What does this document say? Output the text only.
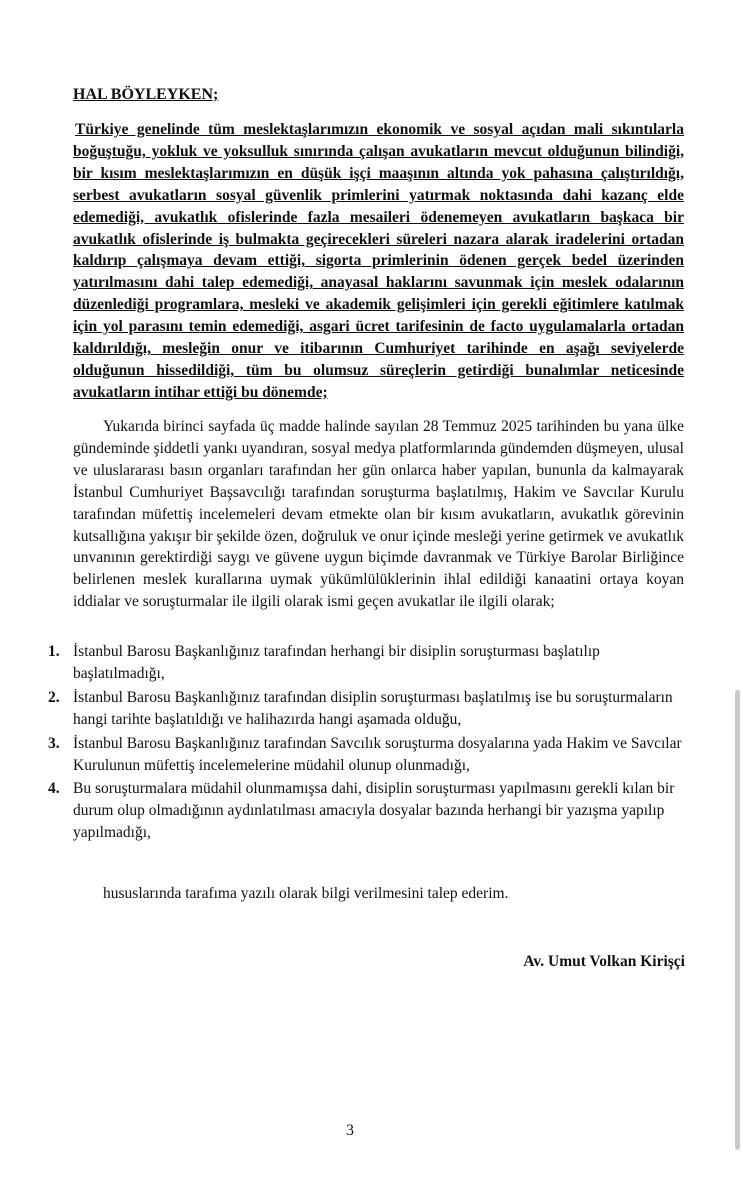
HAL BÖYLEYKEN;

Türkiye genelinde tüm meslektaşlarımızın ekonomik ve sosyal açıdan mali sıkıntılarla boğuştuğu, yokluk ve yoksulluk sınırında çalışan avukatların mevcut olduğunun bilindiği, bir kısım meslektaşlarımızın en düşük işçi maaşının altında yok pahasına çalıştırıldığı, serbest avukatların sosyal güvenlik primlerini yatırmak noktasında dahi kazanç elde edemediği, avukatlık ofislerinde fazla mesaileri ödenemeyen avukatların başkaca bir avukatlık ofislerinde iş bulmakta geçirecekleri süreleri nazara alarak iradelerini ortadan kaldırıp çalışmaya devam ettiği, sigorta primlerinin ödenen gerçek bedel üzerinden yatırılmasını dahi talep edemediği, anayasal haklarını savunmak için meslek odalarının düzenlediği programlara, mesleki ve akademik gelişimleri için gerekli eğitimlere katılmak için yol parasını temin edemediği, asgari ücret tarifesinin de facto uygulamalarla ortadan kaldırıldığı, mesleğin onur ve itibarının Cumhuriyet tarihinde en aşağı seviyelerde olduğunun hissedildiği, tüm bu olumsuz süreçlerin getirdiği bunalımlar neticesinde avukatların intihar ettiği bu dönemde;

Yukarıda birinci sayfada üç madde halinde sayılan 28 Temmuz 2025 tarihinden bu yana ülke gündeminde şiddetli yankı uyandıran, sosyal medya platformlarında gündemden düşmeyen, ulusal ve uluslararası basın organları tarafından her gün onlarca haber yapılan, bununla da kalmayarak İstanbul Cumhuriyet Başsavcılığı tarafından soruşturma başlatılmış, Hakim ve Savcılar Kurulu tarafından müfettiş incelemeleri devam etmekte olan bir kısım avukatların, avukatlık görevinin kutsallığına yakışır bir şekilde özen, doğruluk ve onur içinde mesleği yerine getirmek ve avukatlık unvanının gerektirdiği saygı ve güvene uygun biçimde davranmak ve Türkiye Barolar Birliğince belirlenen meslek kurallarına uymak yükümlülüklerinin ihlal edildiği kanaatini ortaya koyan iddialar ve soruşturmalar ile ilgili olarak ismi geçen avukatlar ile ilgili olarak;

1. İstanbul Barosu Başkanlığınız tarafından herhangi bir disiplin soruşturması başlatılıp başlatılmadığı,
2. İstanbul Barosu Başkanlığınız tarafından disiplin soruşturması başlatılmış ise bu soruşturmaların hangi tarihte başlatıldığı ve halihazırda hangi aşamada olduğu,
3. İstanbul Barosu Başkanlığınız tarafından Savcılık soruşturma dosyalarına yada Hakim ve Savcılar Kurulunun müfettiş incelemelerine müdahil olunup olunmadığı,
4. Bu soruşturmalara müdahil olunmamışsa dahi, disiplin soruşturması yapılmasını gerekli kılan bir durum olup olmadığının aydınlatılması amacıyla dosyalar bazında herhangi bir yazışma yapılıp yapılmadığı,

hususlarında tarafıma yazılı olarak bilgi verilmesini talep ederim.

Av. Umut Volkan Kirişçi

3
